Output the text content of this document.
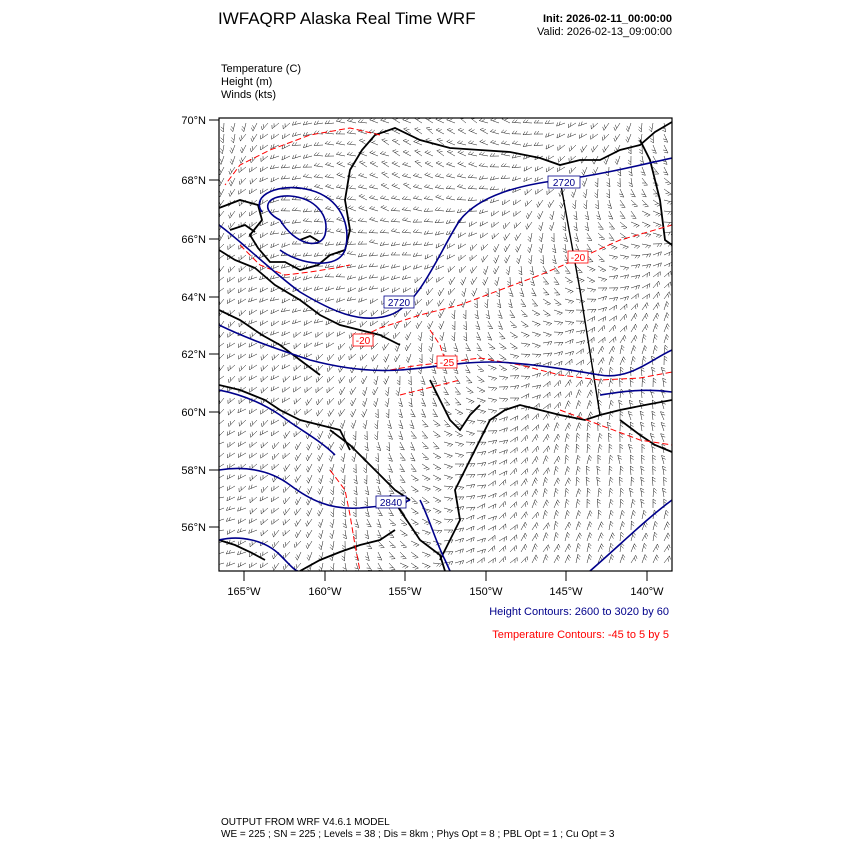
IWFAQRP Alaska Real Time WRF	Init: 2026-02-11_00:00:00
Valid: 2026-02-13_09:00:00
Temperature (C)
Height (m)
Winds (kts)
2720
2720
2840
-20
-20
-25
70°N
68°N
66°N
64°N
62°N
60°N
58°N
56°N
165°W	160°W	155°W	150°W	145°W	140°W
Height Contours: 2600 to 3020 by 60
Temperature Contours: -45 to 5 by 5
OUTPUT FROM WRF V4.6.1 MODEL
WE = 225 ; SN = 225 ; Levels = 38 ; Dis = 8km ; Phys Opt = 8 ; PBL Opt = 1 ; Cu Opt = 3
